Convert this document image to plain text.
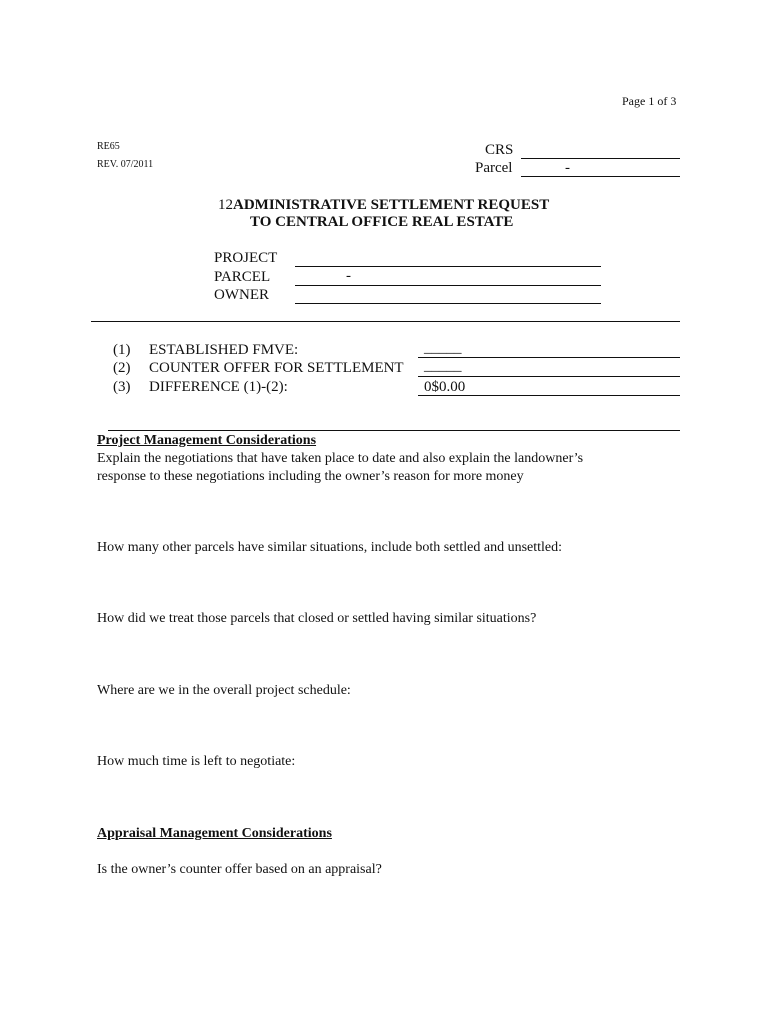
Page 1 of 3
RE65
REV. 07/2011
CRS
Parcel	-
12ADMINISTRATIVE SETTLEMENT REQUEST
TO CENTRAL OFFICE REAL ESTATE
PROJECT
PARCEL	-
OWNER
(1) ESTABLISHED FMVE:	_____
(2) COUNTER OFFER FOR SETTLEMENT _____
(3) DIFFERENCE (1)-(2):	0$0.00
Project Management Considerations
Explain the negotiations that have taken place to date and also explain the landowner’s
response to these negotiations including the owner’s reason for more money
How many other parcels have similar situations, include both settled and unsettled:
How did we treat those parcels that closed or settled having similar situations?
Where are we in the overall project schedule:
How much time is left to negotiate:
Appraisal Management Considerations
Is the owner’s counter offer based on an appraisal?
